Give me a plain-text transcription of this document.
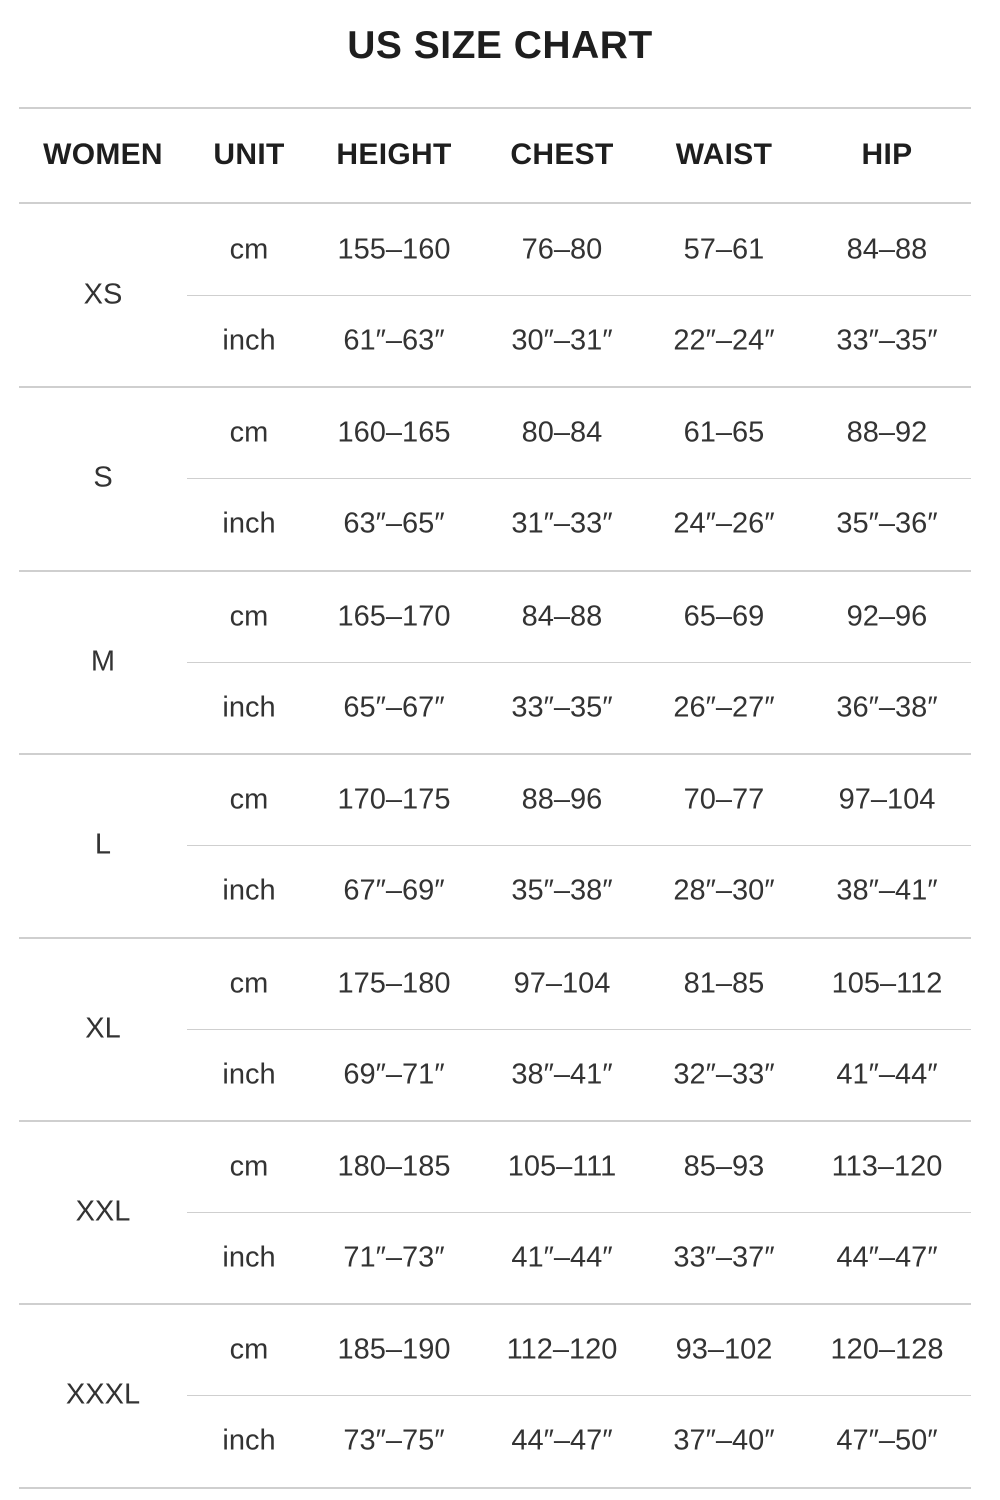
US SIZE CHART
WOMEN UNIT HEIGHT CHEST WAIST	HIP
XS
cm 155–160 76–80	57–61	84–88
inch 61″–63″ 30″–31″ 22″–24″ 33″–35″
S
cm 160–165 80–84	61–65	88–92
inch 63″–65″ 31″–33″ 24″–26″ 35″–36″
M
cm 165–170 84–88	65–69	92–96
inch 65″–67″ 33″–35″ 26″–27″ 36″–38″
L
cm 170–175 88–96	70–77	97–104
inch 67″–69″ 35″–38″ 28″–30″ 38″–41″
XL
cm 175–180 97–104	81–85 105–112
inch 69″–71″ 38″–41″ 32″–33″ 41″–44″
XXL
cm 180–185 105–111 85–93 113–120
inch 71″–73″ 41″–44″ 33″–37″ 44″–47″
XXXL
cm 185–190 112–120 93–102 120–128
inch 73″–75″ 44″–47″ 37″–40″ 47″–50″
